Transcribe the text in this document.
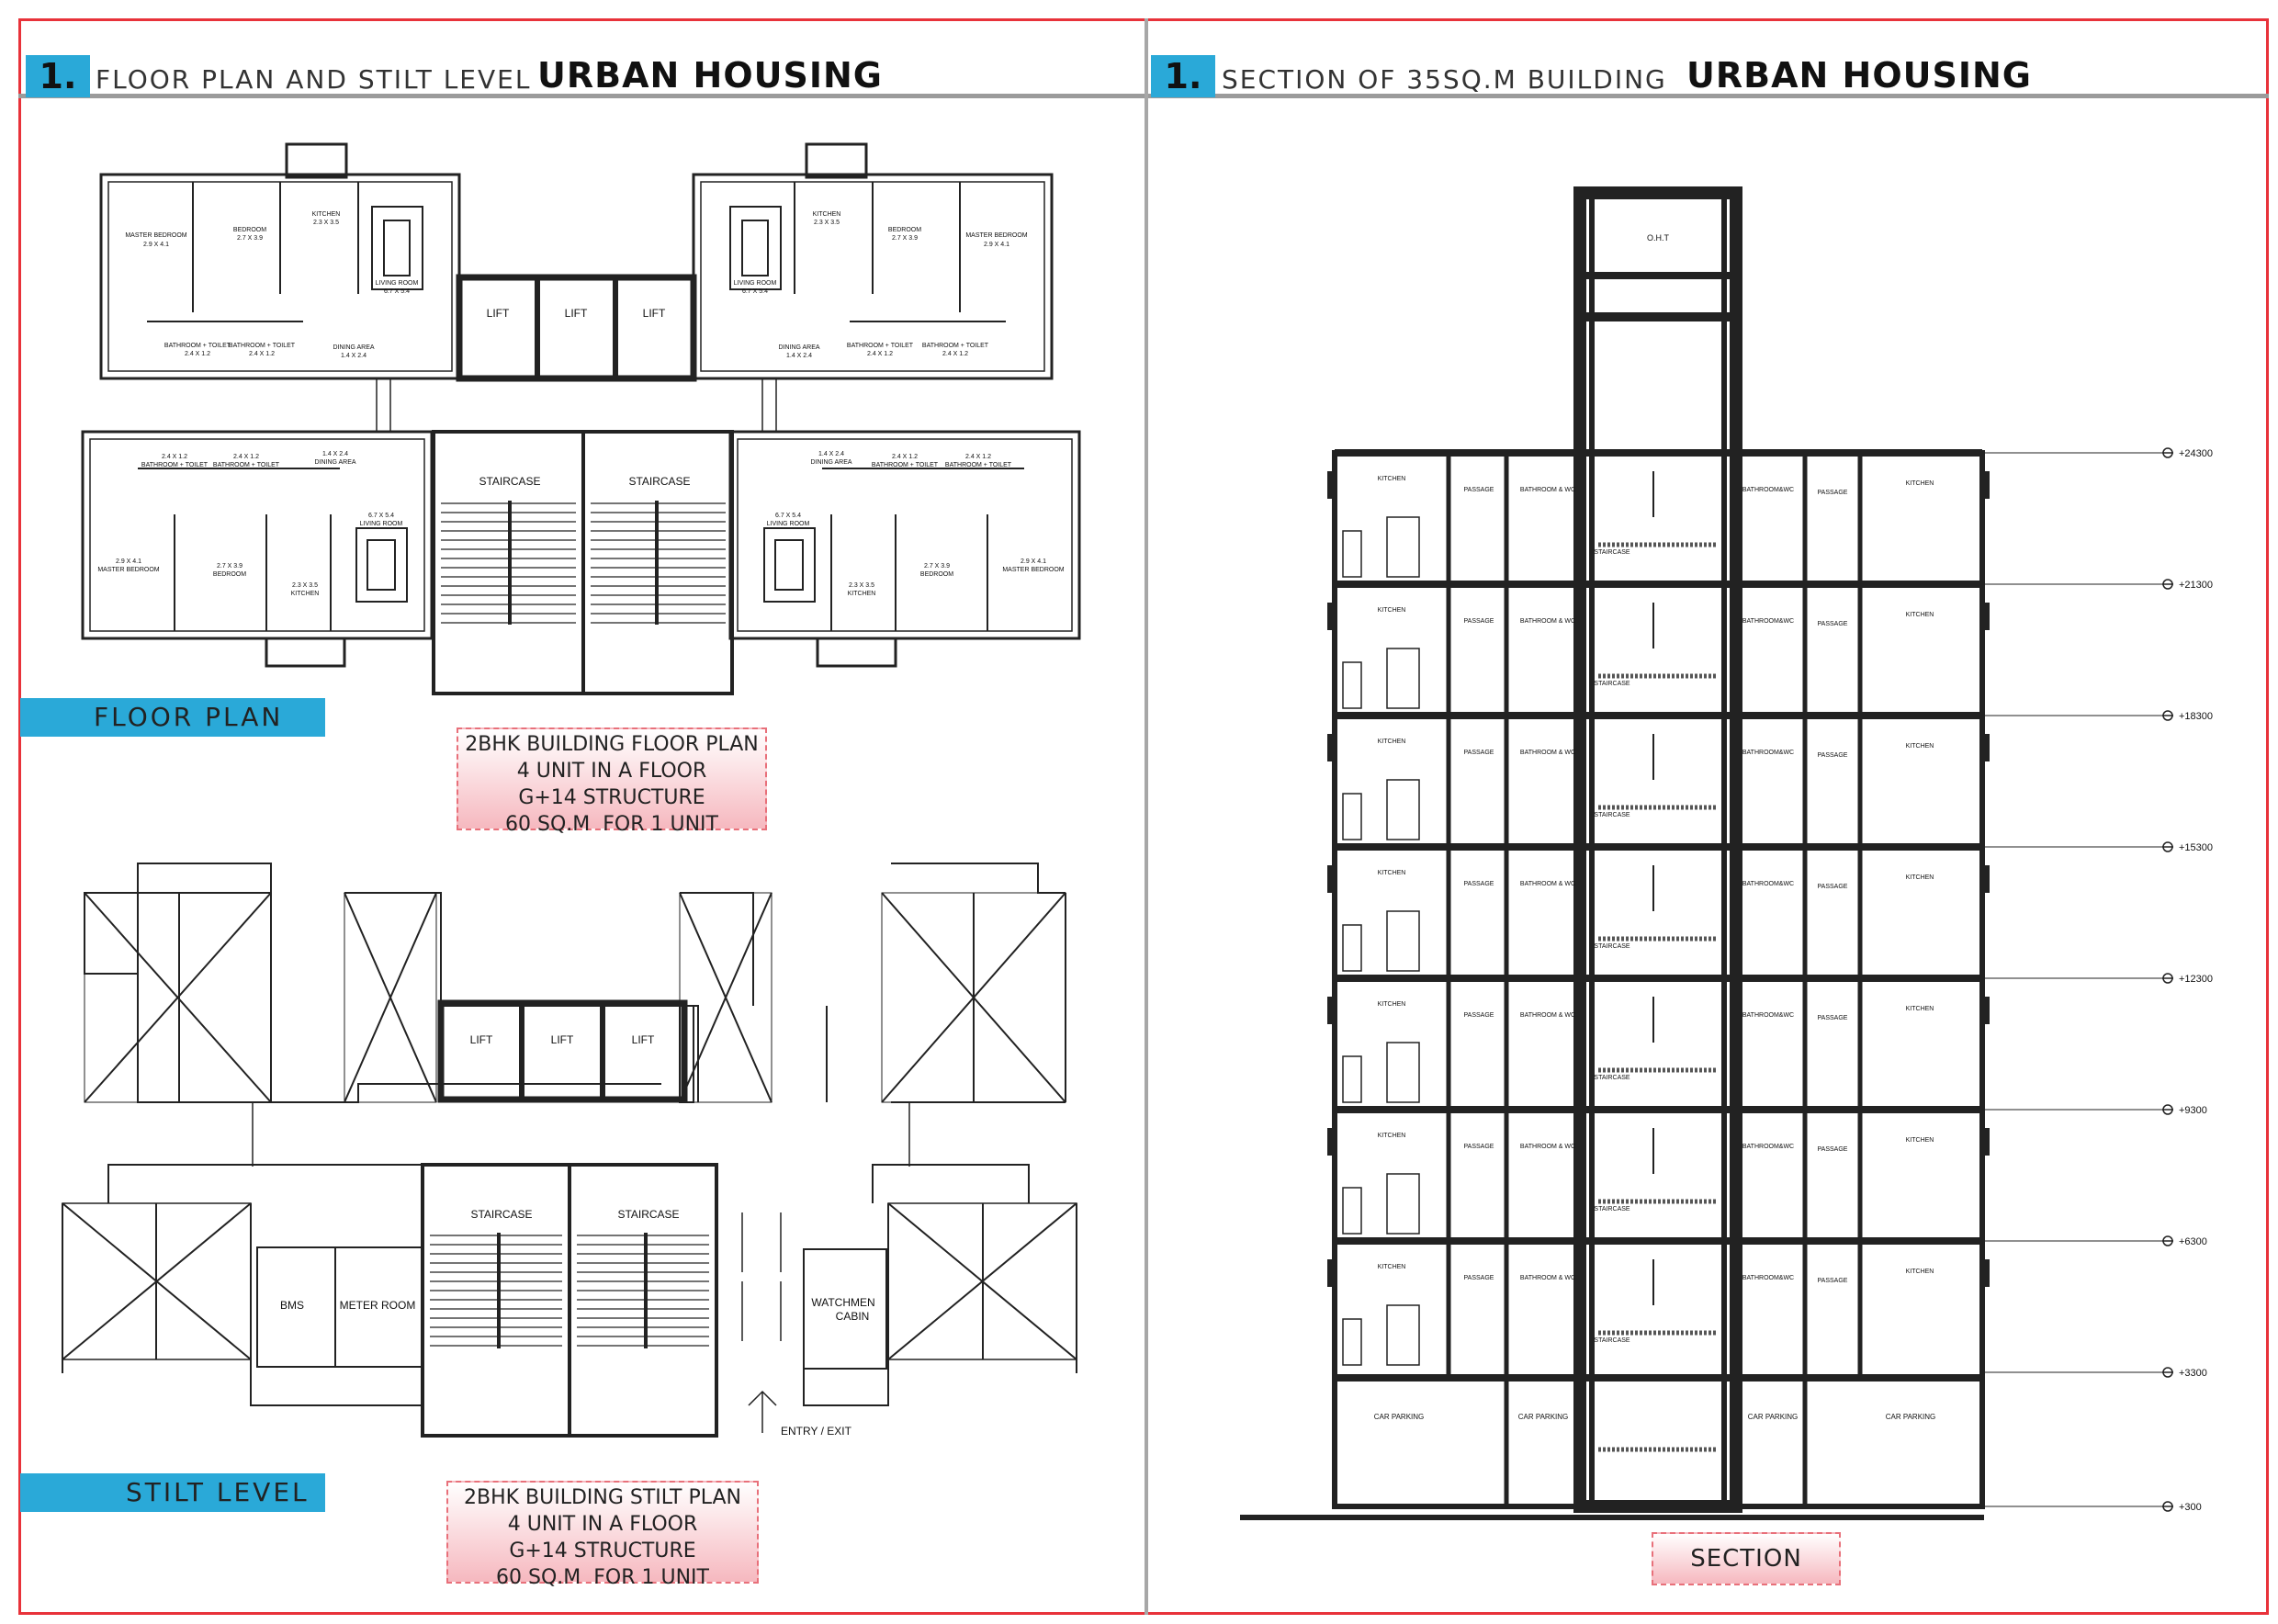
1. FLOOR PLAN AND STILT LEVEL URBAN HOUSING	1. SECTION OF 35SQ.M BUILDING URBAN HOUSING
FLOOR PLAN
STILT LEVEL
2BHK BUILDING FLOOR PLAN
4 UNIT IN A FLOOR
G+14 STRUCTURE
60 SQ.M  FOR 1 UNIT
2BHK BUILDING STILT PLAN
4 UNIT IN A FLOOR
G+14 STRUCTURE
60 SQ.M  FOR 1 UNIT
SECTION
LIFT	LIFT	LIFT
STAIRCASE	STAIRCASE
MASTER BEDROOM
2.9 X 4.1
BEDROOM
2.7 X 3.9
KITCHEN
2.3 X 3.5
LIVING ROOM
6.7 X 5.4
DINING AREA
1.4 X 2.4
BATHROOM + TOILET
2.4 X 1.2
BATHROOM + TOILET
2.4 X 1.2
MASTER BEDROOM
2.9 X 4.1
BEDROOM
2.7 X 3.9
KITCHEN
2.3 X 3.5
LIVING ROOM
6.7 X 5.4
DINING AREA
1.4 X 2.4
BATHROOM + TOILET
2.4 X 1.2
BATHROOM + TOILET
2.4 X 1.2
MASTER BEDROOM
2.9 X 4.1
BEDROOM
2.7 X 3.9
KITCHEN
2.3 X 3.5
LIVING ROOM
6.7 X 5.4
DINING AREA
1.4 X 2.4
BATHROOM + TOILET
2.4 X 1.2
BATHROOM + TOILET
2.4 X 1.2
MASTER BEDROOM
2.9 X 4.1
BEDROOM
2.7 X 3.9
KITCHEN
2.3 X 3.5
LIVING ROOM
6.7 X 5.4
DINING AREA
1.4 X 2.4
BATHROOM + TOILET
2.4 X 1.2
BATHROOM + TOILET
2.4 X 1.2
LIFT	LIFT	LIFT
STAIRCASE	STAIRCASE
BMS	METER ROOM	WATCHMEN
CABIN
ENTRY / EXIT
O.H.T
KITCHEN
PASSAGE	BATHROOM & WC
STAIRCASE
BATHROOM&WC	PASSAGE
KITCHEN
KITCHEN
PASSAGE	BATHROOM & WC
STAIRCASE
BATHROOM&WC	PASSAGE
KITCHEN
KITCHEN
PASSAGE	BATHROOM & WC
STAIRCASE
BATHROOM&WC	PASSAGE
KITCHEN
KITCHEN
PASSAGE	BATHROOM & WC
STAIRCASE
BATHROOM&WC	PASSAGE
KITCHEN
KITCHEN
PASSAGE	BATHROOM & WC
STAIRCASE
BATHROOM&WC	PASSAGE
KITCHEN
KITCHEN
PASSAGE	BATHROOM & WC
STAIRCASE
BATHROOM&WC	PASSAGE
KITCHEN
KITCHEN
PASSAGE	BATHROOM & WC
STAIRCASE
BATHROOM&WC	PASSAGE
KITCHEN
+24300
+21300
+18300
+15300
+12300
+9300
+6300
+3300
+300
CAR PARKING	CAR PARKING	CAR PARKING	CAR PARKING
